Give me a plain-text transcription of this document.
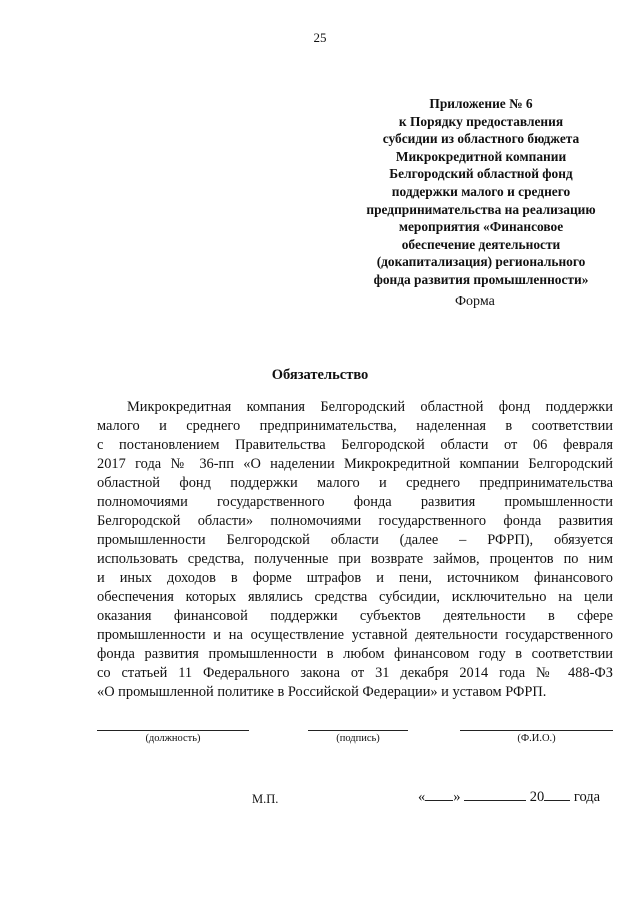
25
Приложение № 6
к Порядку предоставления
субсидии из областного бюджета
Микрокредитной компании
Белгородский областной фонд
поддержки малого и среднего
предпринимательства на реализацию
мероприятия «Финансовое
обеспечение деятельности
(докапитализация) регионального
фонда развития промышленности»
Форма
Обязательство
Микрокредитная компания Белгородский областной фонд поддержки
малого и среднего предпринимательства, наделенная в соответствии
с постановлением Правительства Белгородской области от 06 февраля
2017 года № 36-пп «О наделении Микрокредитной компании Белгородский
областной фонд поддержки малого и среднего предпринимательства
полномочиями государственного фонда развития промышленности
Белгородской области» полномочиями государственного фонда развития
промышленности Белгородской области (далее – РФРП), обязуется
использовать средства, полученные при возврате займов, процентов по ним
и иных доходов в форме штрафов и пени, источником финансового
обеспечения которых являлись средства субсидии, исключительно на цели
оказания финансовой поддержки субъектов деятельности в сфере
промышленности и на осуществление уставной деятельности государственного
фонда развития промышленности в любом финансовом году в соответствии
со статьей 11 Федерального закона от 31 декабря 2014 года № 488-ФЗ
«О промышленной политике в Российской Федерации» и уставом РФРП.
(должность)	(подпись)	(Ф.И.О.)
М.П.	« »	20 года
